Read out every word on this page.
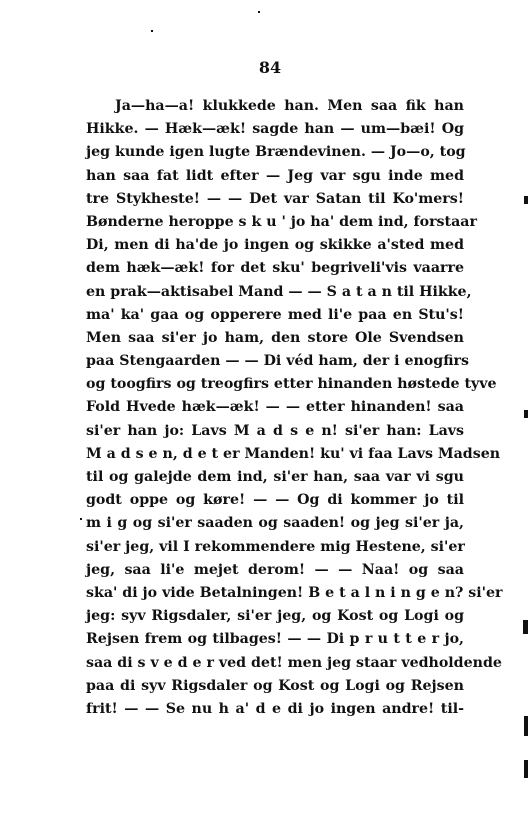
84
Ja—ha—a! klukkede han. Men saa fik han
Hikke. — Hæk—æk! sagde han — um—bæi! Og
jeg kunde igen lugte Brændevinen. — Jo—o, tog
han saa fat lidt efter — Jeg var sgu inde med
tre Stykheste! — — Det var Satan til Ko'mers!
Bønderne heroppe s k u ' jo ha' dem ind, forstaar
Di, men di ha'de jo ingen og skikke a'sted med
dem hæk—æk! for det sku' begriveli'vis vaarre
en prak—aktisabel Mand — — S a t a n til Hikke,
ma' ka' gaa og opperere med li'e paa en Stu's!
Men saa si'er jo ham, den store Ole Svendsen
paa Stengaarden — — Di véd ham, der i enogfirs
og toogfirs og treogfirs etter hinanden høstede tyve
Fold Hvede hæk—æk! — — etter hinanden! saa
si'er han jo: Lavs M a d s e n! si'er han: Lavs
M a d s e n, d e t er Manden! ku' vi faa Lavs Madsen
til og galejde dem ind, si'er han, saa var vi sgu
godt oppe og køre! — — Og di kommer jo til
m i g og si'er saaden og saaden! og jeg si'er ja,
si'er jeg, vil I rekommendere mig Hestene, si'er
jeg, saa li'e mejet derom! — — Naa! og saa
ska' di jo vide Betalningen! B e t a l n i n g e n? si'er
jeg: syv Rigsdaler, si'er jeg, og Kost og Logi og
Rejsen frem og tilbages! — — Di p r u t t e r jo,
saa di s v e d e r ved det! men jeg staar vedholdende
paa di syv Rigsdaler og Kost og Logi og Rejsen
frit! — — Se nu h a' d e di jo ingen andre! til-
